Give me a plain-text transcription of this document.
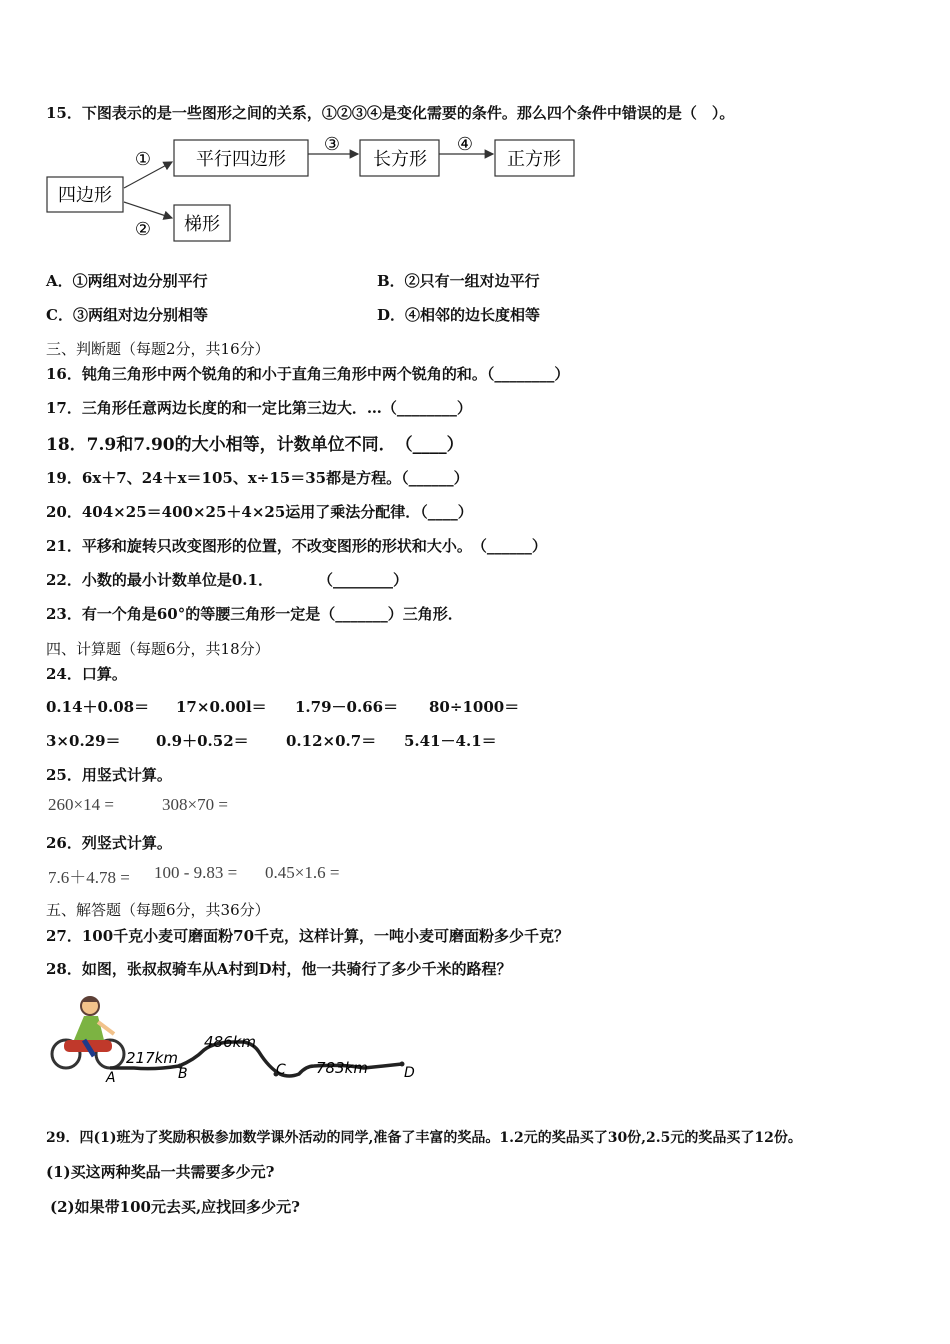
15．下图表示的是一些图形之间的关系，①②③④是变化需要的条件。那么四个条件中错误的是（　）。
四边形
平行四边形	长方形	正方形
梯形
①
②
③	④
A．①两组对边分别平行	B．②只有一组对边平行
C．③两组对边分别相等	D．④相邻的边长度相等
三、判断题（每题2分，共16分）
16．钝角三角形中两个锐角的和小于直角三角形中两个锐角的和。（________）
17．三角形任意两边长度的和一定比第三边大．…（________）
18．7.9和7.90的大小相等，计数单位不同．　（____）
19．6x＋7、24＋x＝105、x÷15＝35都是方程。（______）
20．404×25＝400×25＋4×25运用了乘法分配律．（____）
21．平移和旋转只改变图形的位置，不改变图形的形状和大小。　（______）
22．小数的最小计数单位是0.1．　　　　（________）
23．有一个角是60°的等腰三角形一定是（_______）三角形．
四、计算题（每题6分，共18分）
24．口算。
0.14＋0.08＝ 17×0.00l＝ 1.79－0.66＝ 80÷1000＝
3×0.29＝ 0.9＋0.52＝ 0.12×0.7＝ 5.41－4.1＝
25．用竖式计算。
260×14 =	308×70 =
26．列竖式计算。
7.6＋4.78 = 100 - 9.83 = 0.45×1.6 =
五、解答题（每题6分，共36分）
27．100千克小麦可磨面粉70千克，这样计算，一吨小麦可磨面粉多少千克？
28．如图，张叔叔骑车从A村到D村，他一共骑行了多少千米的路程？
217km
486km
783km
A	B	C	D
29．四(1)班为了奖励积极参加数学课外活动的同学,准备了丰富的奖品。1.2元的奖品买了30份,2.5元的奖品买了12份。
(1)买这两种奖品一共需要多少元?
(2)如果带100元去买,应找回多少元?
